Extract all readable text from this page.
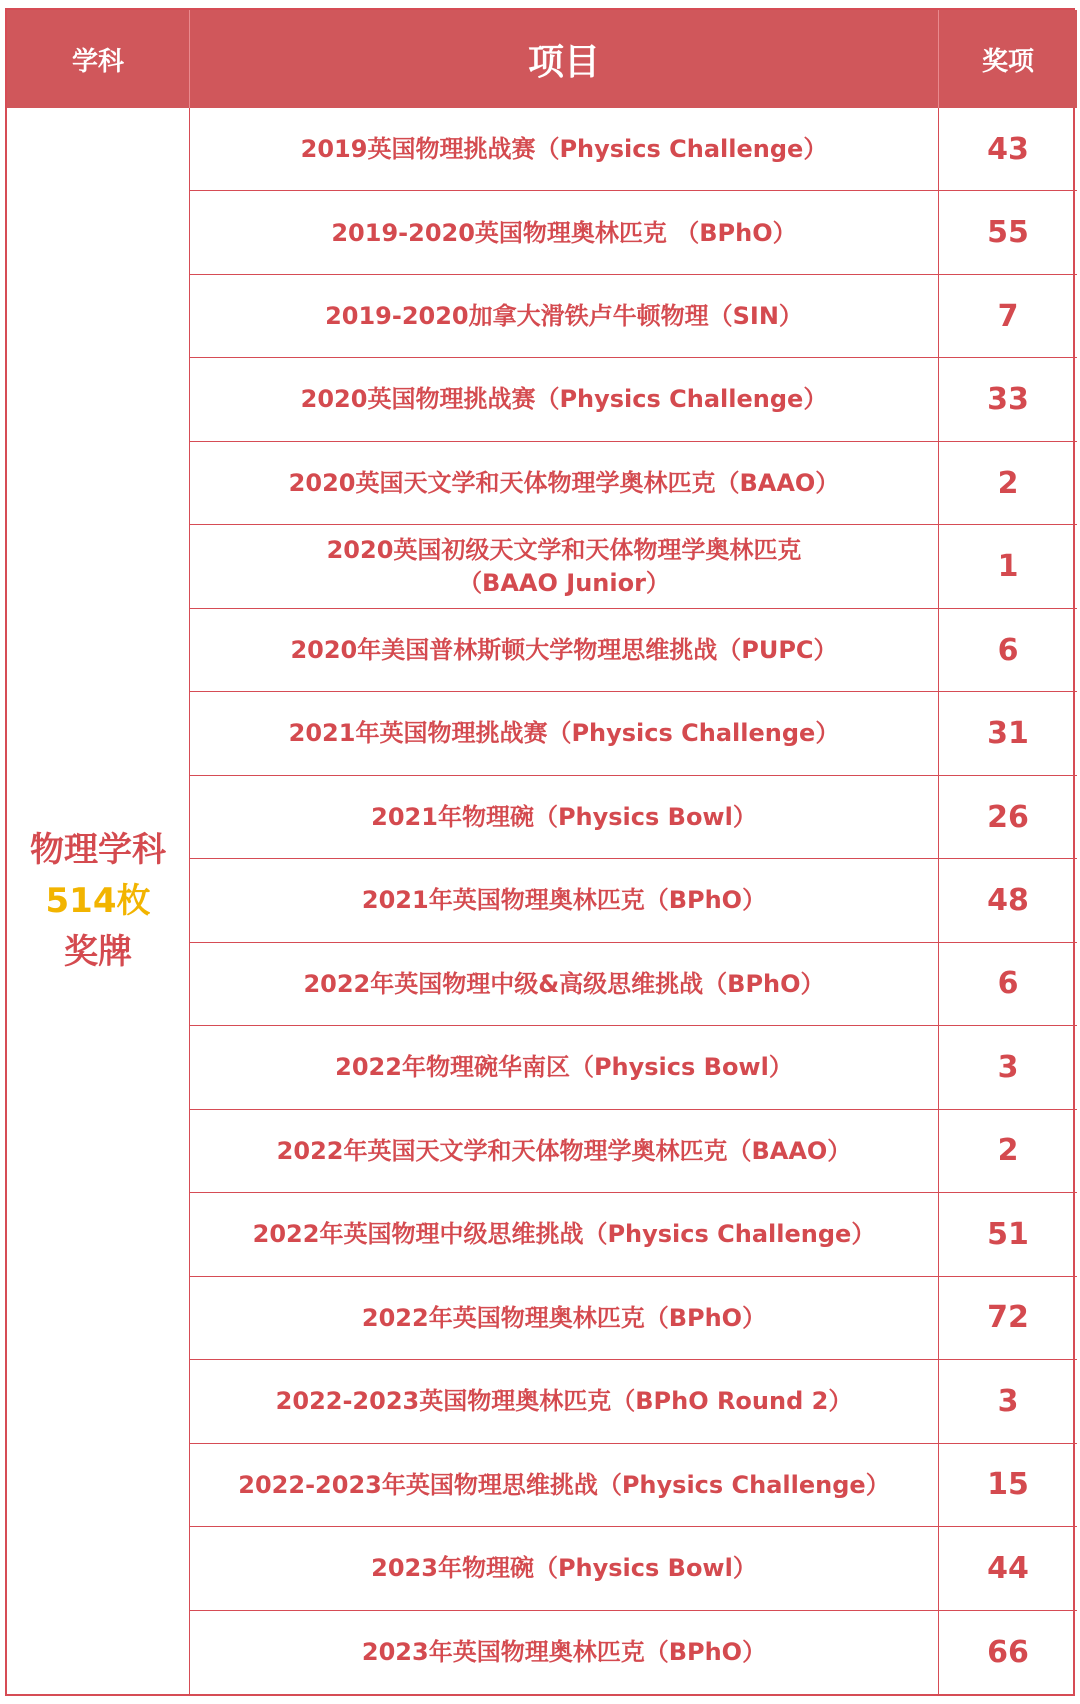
学科	项目	奖项
物理学科
514枚
奖牌
2019英国物理挑战赛（Physics Challenge）	43
2019-2020英国物理奥林匹克 （BPhO）	55
2019-2020加拿大滑铁卢牛顿物理（SIN）	7
2020英国物理挑战赛（Physics Challenge）	33
2020英国天文学和天体物理学奥林匹克（BAAO）	2
2020英国初级天文学和天体物理学奥林匹克
（BAAO Junior）	1
2020年美国普林斯顿大学物理思维挑战（PUPC）	6
2021年英国物理挑战赛（Physics Challenge）	31
2021年物理碗（Physics Bowl）	26
2021年英国物理奥林匹克（BPhO）	48
2022年英国物理中级&高级思维挑战（BPhO）	6
2022年物理碗华南区（Physics Bowl）	3
2022年英国天文学和天体物理学奥林匹克（BAAO）	2
2022年英国物理中级思维挑战（Physics Challenge）	51
2022年英国物理奥林匹克（BPhO）	72
2022-2023英国物理奥林匹克（BPhO Round 2）	3
2022-2023年英国物理思维挑战（Physics Challenge）	15
2023年物理碗（Physics Bowl）	44
2023年英国物理奥林匹克（BPhO）	66
